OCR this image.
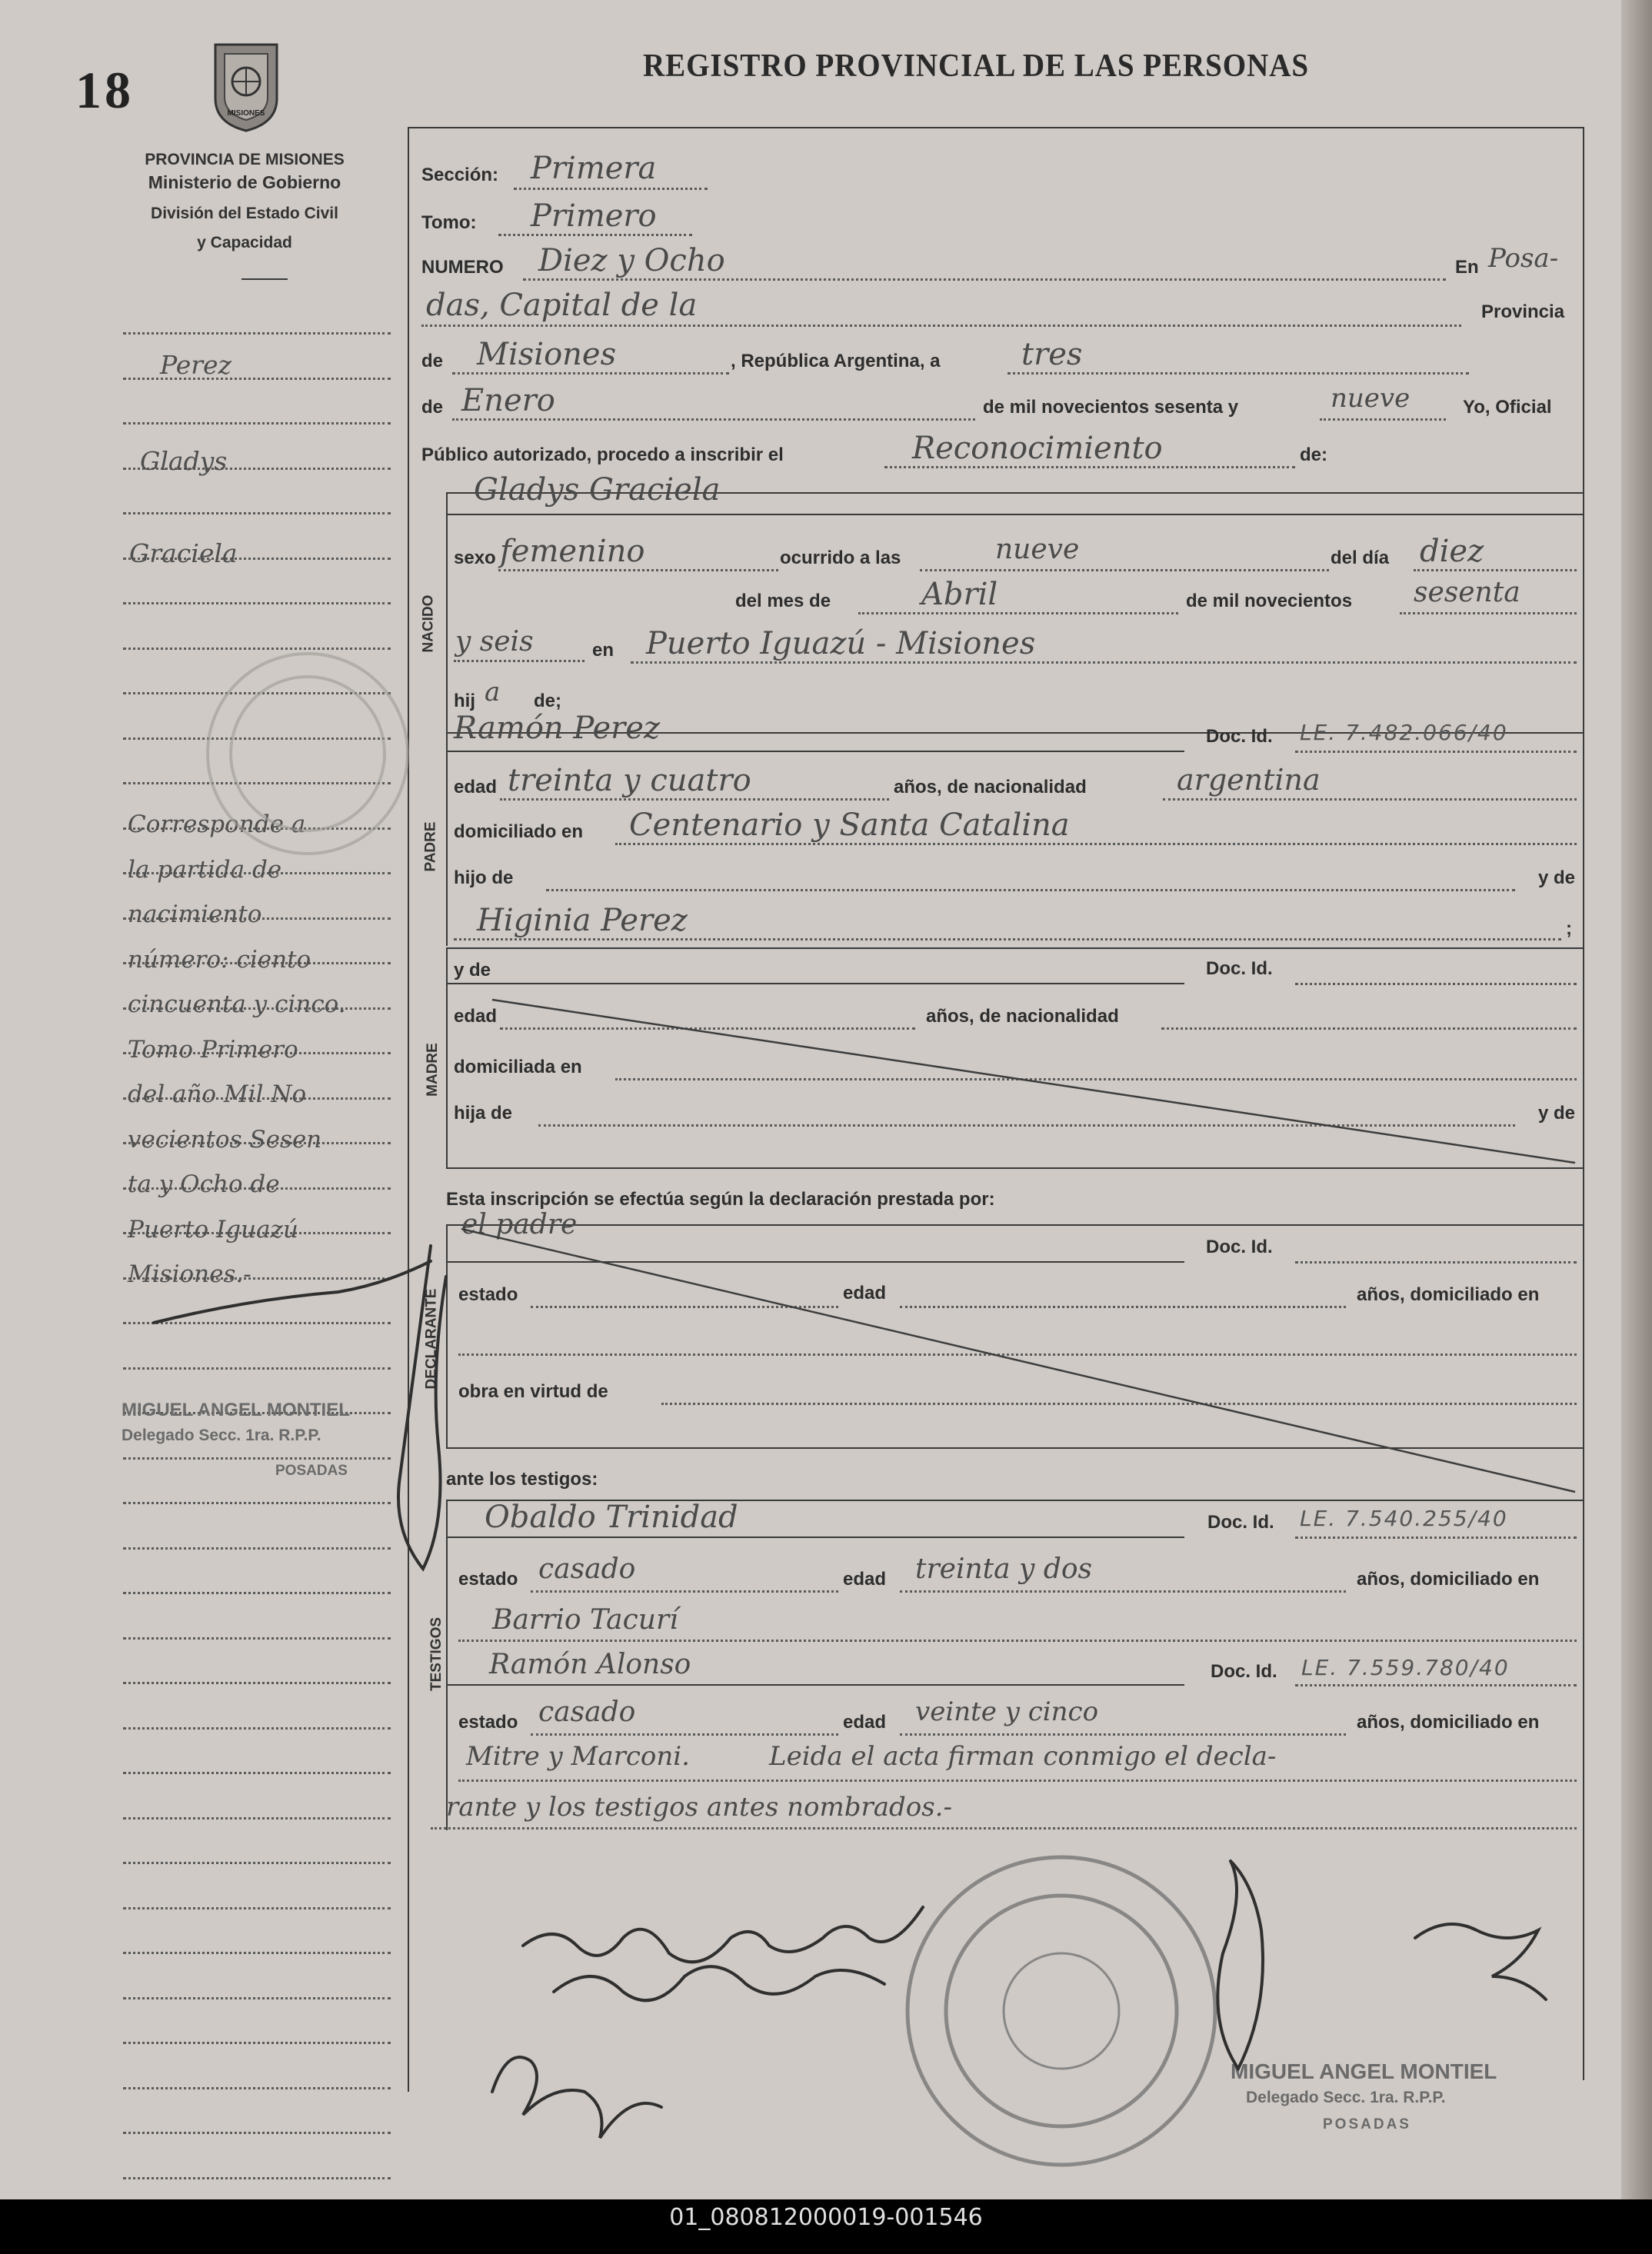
18	REGISTRO PROVINCIAL DE LAS PERSONAS
MISIONES
PROVINCIA DE MISIONES
Ministerio de Gobierno
División del Estado Civil
y Capacidad
Perez
Gladys
Graciela
Corresponde a
la partida de
nacimiento
número: ciento
cincuenta y cinco.
Tomo Primero
del año Mil No
vecientos Sesen
ta y Ocho de
Puerto Iguazú
Misiones.-
MIGUEL ANGEL MONTIEL
Delegado Secc. 1ra. R.P.P.
POSADAS
Sección: Primera
Tomo: Primero
NUMERO Diez y Ocho	En Posa-
das, Capital de la	Provincia
de Misiones	, República Argentina, a	tres
de Enero	de mil novecientos sesenta y	nueve	Yo, Oficial
Público autorizado, procedo a inscribir el	Reconocimiento	de:
Gladys Graciela
NACIDO
sexo femenino	ocurrido a las	nueve	del día diez
del mes de	Abril	de mil novecientos sesenta
y seis	en Puerto Iguazú - Misiones
hij a de;
Ramón Perez	Doc. Id. LE. 7.482.066/40
PADRE
edad treinta y cuatro	años, de nacionalidad	argentina
domiciliado en Centenario y Santa Catalina
hijo de	y de
Higinia Perez	;
y de	Doc. Id.
MADRE
edad	años, de nacionalidad
domiciliada en
hija de	y de
Esta inscripción se efectúa según la declaración prestada por:
el padre
Doc. Id.
DECLARANTE estado	edad	años, domiciliado en
obra en virtud de
ante los testigos:
TESTIGOS
Obaldo Trinidad	Doc. Id. LE. 7.540.255/40
estado casado	edad treinta y dos	años, domiciliado en
Barrio Tacurí
Ramón Alonso	Doc. Id. LE. 7.559.780/40
estado casado	edad veinte y cinco	años, domiciliado en
Mitre y Marconi.	Leida el acta firman conmigo el decla-
rante y los testigos antes nombrados.-
MIGUEL ANGEL MONTIEL
Delegado Secc. 1ra. R.P.P.
POSADAS
01_080812000019-001546
